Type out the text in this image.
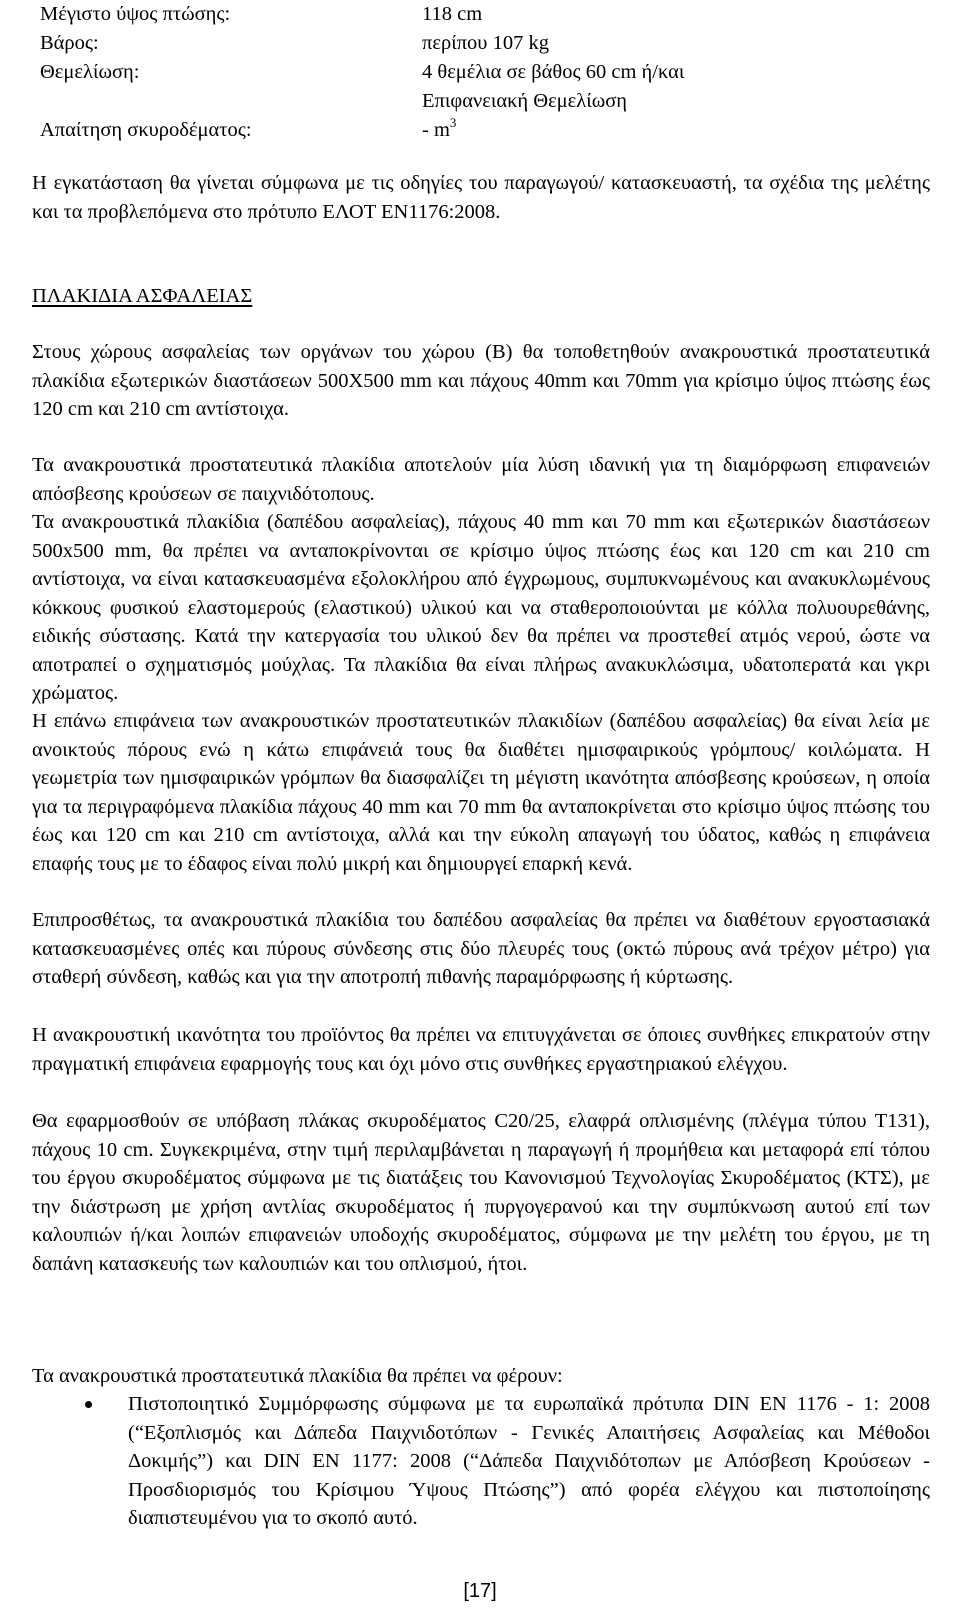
Μέγιστο ύψος πτώσης:	118 cm
Βάρος:	περίπου 107 kg
Θεμελίωση:	4 θεμέλια σε βάθος 60 cm ή/και
Επιφανειακή Θεμελίωση
Απαίτηση σκυροδέματος:	- $m^3$
Η εγκατάσταση θα γίνεται σύμφωνα με τις οδηγίες του παραγωγού/ κατασκευαστή, τα σχέδια της μελέτης και τα προβλεπόμενα στο πρότυπο ΕΛΟΤ ΕΝ1176:2008.
ΠΛΑΚΙΔΙΑ ΑΣΦΑΛΕΙΑΣ
Στους χώρους ασφαλείας των οργάνων του χώρου (Β) θα τοποθετηθούν ανακρουστικά προστατευτικά πλακίδια εξωτερικών διαστάσεων 500Χ500 mm και πάχους 40mm και 70mm για κρίσιμο ύψος πτώσης έως 120 cm και 210 cm αντίστοιχα.
Τα ανακρουστικά προστατευτικά πλακίδια αποτελούν μία λύση ιδανική για τη διαμόρφωση επιφανειών απόσβεσης κρούσεων σε παιχνιδότοπους.
Τα ανακρουστικά πλακίδια (δαπέδου ασφαλείας), πάχους 40 mm και 70 mm και εξωτερικών διαστάσεων 500x500 mm, θα πρέπει να ανταποκρίνονται σε κρίσιμο ύψος πτώσης έως και 120 cm και 210 cm αντίστοιχα, να είναι κατασκευασμένα εξολοκλήρου από έγχρωμους, συμπυκνωμένους και ανακυκλωμένους κόκκους φυσικού ελαστομερούς (ελαστικού) υλικού και να σταθεροποιούνται με κόλλα πολυουρεθάνης, ειδικής σύστασης. Κατά την κατεργασία του υλικού δεν θα πρέπει να προστεθεί ατμός νερού, ώστε να αποτραπεί ο σχηματισμός μούχλας. Τα πλακίδια θα είναι πλήρως ανακυκλώσιμα, υδατοπερατά και γκρι χρώματος.
Η επάνω επιφάνεια των ανακρουστικών προστατευτικών πλακιδίων (δαπέδου ασφαλείας) θα είναι λεία με ανοικτούς πόρους ενώ η κάτω επιφάνειά τους θα διαθέτει ημισφαιρικούς γρόμπους/ κοιλώματα. Η γεωμετρία των ημισφαιρικών γρόμπων θα διασφαλίζει τη μέγιστη ικανότητα απόσβεσης κρούσεων, η οποία για τα περιγραφόμενα πλακίδια πάχους 40 mm και 70 mm θα ανταποκρίνεται στο κρίσιμο ύψος πτώσης του έως και 120 cm και 210 cm αντίστοιχα, αλλά και την εύκολη απαγωγή του ύδατος, καθώς η επιφάνεια επαφής τους με το έδαφος είναι πολύ μικρή και δημιουργεί επαρκή κενά.
Επιπροσθέτως, τα ανακρουστικά πλακίδια του δαπέδου ασφαλείας θα πρέπει να διαθέτουν εργοστασιακά κατασκευασμένες οπές και πύρους σύνδεσης στις δύο πλευρές τους (οκτώ πύρους ανά τρέχον μέτρο) για σταθερή σύνδεση, καθώς και για την αποτροπή πιθανής παραμόρφωσης ή κύρτωσης.
Η ανακρουστική ικανότητα του προϊόντος θα πρέπει να επιτυγχάνεται σε όποιες συνθήκες επικρατούν στην πραγματική επιφάνεια εφαρμογής τους και όχι μόνο στις συνθήκες εργαστηριακού ελέγχου.
Θα εφαρμοσθούν σε υπόβαση πλάκας σκυροδέματος C20/25, ελαφρά οπλισμένης (πλέγμα τύπου Τ131), πάχους 10 cm. Συγκεκριμένα, στην τιμή περιλαμβάνεται η παραγωγή ή προμήθεια και μεταφορά επί τόπου του έργου σκυροδέματος σύμφωνα με τις διατάξεις του Κανονισμού Τεχνολογίας Σκυροδέματος (ΚΤΣ), με την διάστρωση με χρήση αντλίας σκυροδέματος ή πυργογερανού και την συμπύκνωση αυτού επί των καλουπιών ή/και λοιπών επιφανειών υποδοχής σκυροδέματος, σύμφωνα με την μελέτη του έργου, με τη δαπάνη κατασκευής των καλουπιών και του οπλισμού, ήτοι.
Τα ανακρουστικά προστατευτικά πλακίδια θα πρέπει να φέρουν:
Πιστοποιητικό Συμμόρφωσης σύμφωνα με τα ευρωπαϊκά πρότυπα DIN EN 1176 - 1: 2008 (“Εξοπλισμός και Δάπεδα Παιχνιδοτόπων - Γενικές Απαιτήσεις Ασφαλείας και Μέθοδοι Δοκιμής”) και DIN EN 1177: 2008 (“Δάπεδα Παιχνιδότοπων με Απόσβεση Κρούσεων - Προσδιορισμός του Κρίσιμου Ύψους Πτώσης”) από φορέα ελέγχου και πιστοποίησης διαπιστευμένου για το σκοπό αυτό.
[17]
